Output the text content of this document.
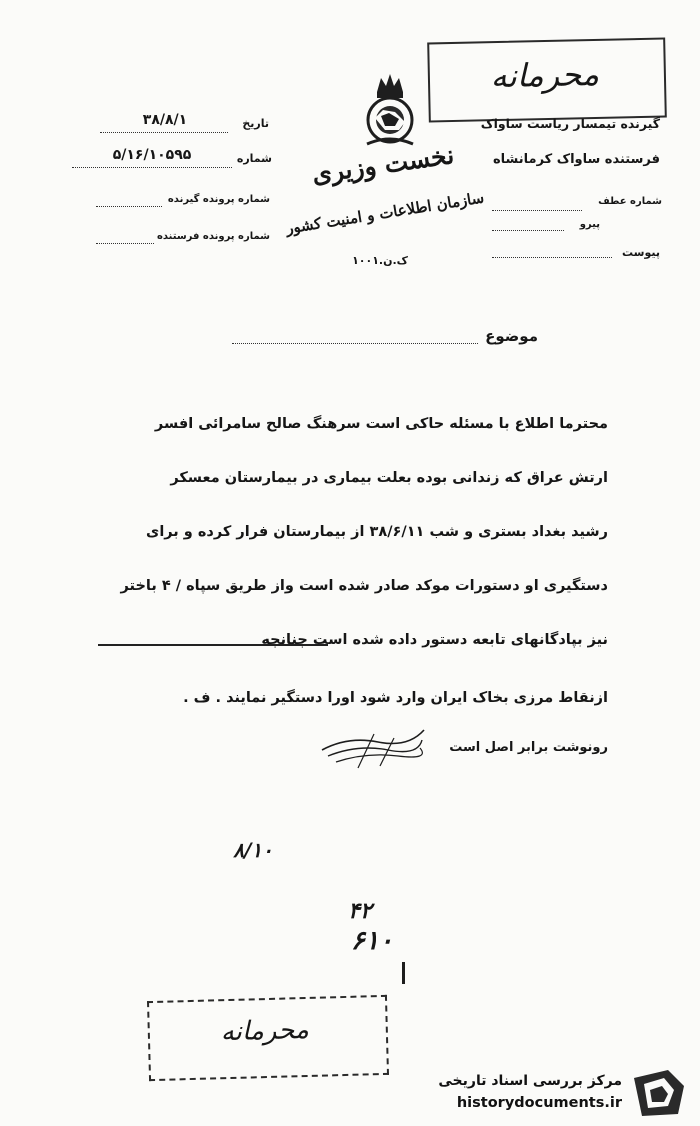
محرمانه
گیرنده تیمسار ریاست ساواک
فرستنده ساواک کرمانشاه
شماره عطف
پیرو
پیوست
نخست وزیری
سازمان اطلاعات و امنیت کشور
ک.ن.۱۰۰۱
تاریخ
۳۸/۸/۱
شماره
۵/۱۶/۱۰۵۹۵
شماره پرونده گیرنده
شماره پرونده فرستنده
موضوع
محترما اطلاع با مسئله حاکی است سرهنگ صالح سامرائی افسر
ارتش عراق که زندانی بوده بعلت بیماری در بیمارستان معسکر
رشید بغداد بستری و شب ۳۸/۶/۱۱ از بیمارستان فرار کرده و برای
دستگیری او دستورات موکد صادر شده است واز طریق سپاه / ۴ باختر
نیز بپادگانهای تابعه دستور داده شده است چنانچه
ازنقاط مرزی بخاک ایران وارد شود اورا دستگیر نمایند . ف .
رونوشت برابر اصل است
۸/۱۰
۴۲
۶۱۰
محرمانه
مرکز بررسی اسناد تاریخی
historydocuments.ir
